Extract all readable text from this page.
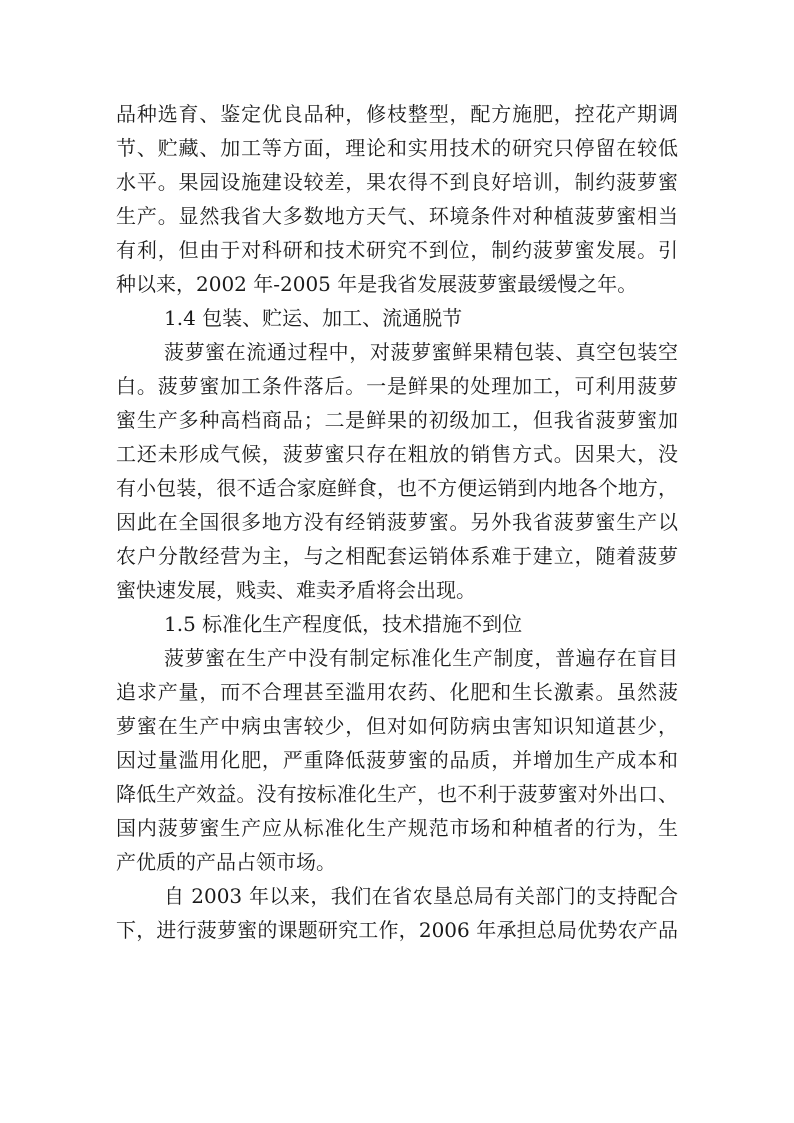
品种选育、鉴定优良品种，修枝整型，配方施肥，控花产期调
节、贮藏、加工等方面，理论和实用技术的研究只停留在较低
水平。果园设施建设较差，果农得不到良好培训，制约菠萝蜜
生产。显然我省大多数地方天气、环境条件对种植菠萝蜜相当
有利，但由于对科研和技术研究不到位，制约菠萝蜜发展。引
种以来，2002 年-2005 年是我省发展菠萝蜜最缓慢之年。
1.4 包装、贮运、加工、流通脱节
菠萝蜜在流通过程中，对菠萝蜜鲜果精包装、真空包装空
白。菠萝蜜加工条件落后。一是鲜果的处理加工，可利用菠萝
蜜生产多种高档商品；二是鲜果的初级加工，但我省菠萝蜜加
工还未形成气候，菠萝蜜只存在粗放的销售方式。因果大，没
有小包装，很不适合家庭鲜食，也不方便运销到内地各个地方，
因此在全国很多地方没有经销菠萝蜜。另外我省菠萝蜜生产以
农户分散经营为主，与之相配套运销体系难于建立，随着菠萝
蜜快速发展，贱卖、难卖矛盾将会出现。
1.5 标准化生产程度低，技术措施不到位
菠萝蜜在生产中没有制定标准化生产制度，普遍存在盲目
追求产量，而不合理甚至滥用农药、化肥和生长激素。虽然菠
萝蜜在生产中病虫害较少，但对如何防病虫害知识知道甚少，
因过量滥用化肥，严重降低菠萝蜜的品质，并增加生产成本和
降低生产效益。没有按标准化生产，也不利于菠萝蜜对外出口、
国内菠萝蜜生产应从标准化生产规范市场和种植者的行为，生
产优质的产品占领市场。
自 2003 年以来，我们在省农垦总局有关部门的支持配合
下，进行菠萝蜜的课题研究工作，2006 年承担总局优势农产品
